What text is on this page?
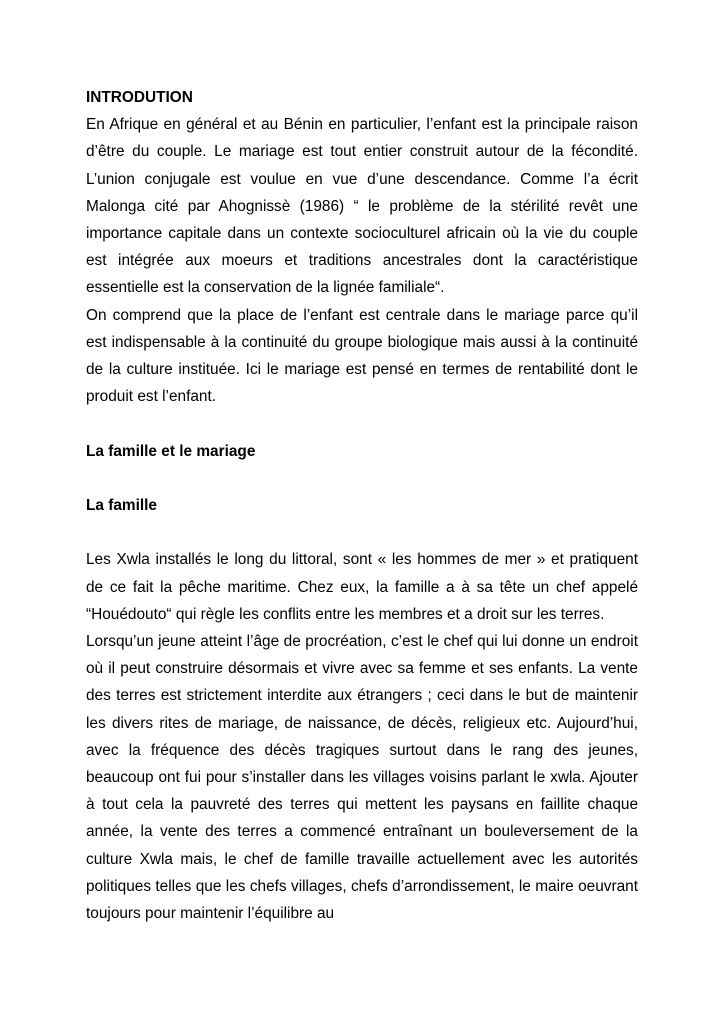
INTRODUTION

En Afrique en général et au Bénin en particulier, l’enfant est la principale raison d’être du couple. Le mariage est tout entier construit autour de la fécondité. L’union conjugale est voulue en vue d’une descendance. Comme l’a écrit Malonga cité par Ahognissè (1986) “ le problème de la stérilité revêt une importance capitale dans un contexte socioculturel africain où la vie du couple est intégrée aux moeurs et traditions ancestrales dont la caractéristique essentielle est la conservation de la lignée familiale“.

On comprend que la place de l’enfant est centrale dans le mariage parce qu’il est indispensable à la continuité du groupe biologique mais aussi à la continuité de la culture instituée. Ici le mariage est pensé en termes de rentabilité dont le produit est l’enfant.

La famille et le mariage
La famille

Les Xwla installés le long du littoral, sont « les hommes de mer » et pratiquent de ce fait la pêche maritime. Chez eux, la famille a à sa tête un chef appelé “Houédouto“ qui règle les conflits entre les membres et a droit sur les terres.

Lorsqu’un jeune atteint l’âge de procréation, c’est le chef qui lui donne un endroit où il peut construire désormais et vivre avec sa femme et ses enfants. La vente des terres est strictement interdite aux étrangers ; ceci dans le but de maintenir les divers rites de mariage, de naissance, de décès, religieux etc. Aujourd’hui, avec la fréquence des décès tragiques surtout dans le rang des jeunes, beaucoup ont fui pour s’installer dans les villages voisins parlant le xwla. Ajouter à tout cela la pauvreté des terres qui mettent les paysans en faillite chaque année, la vente des terres a commencé entraînant un bouleversement de la culture Xwla mais, le chef de famille travaille actuellement avec les autorités politiques telles que les chefs villages, chefs d’arrondissement, le maire oeuvrant toujours pour maintenir l’équilibre au
